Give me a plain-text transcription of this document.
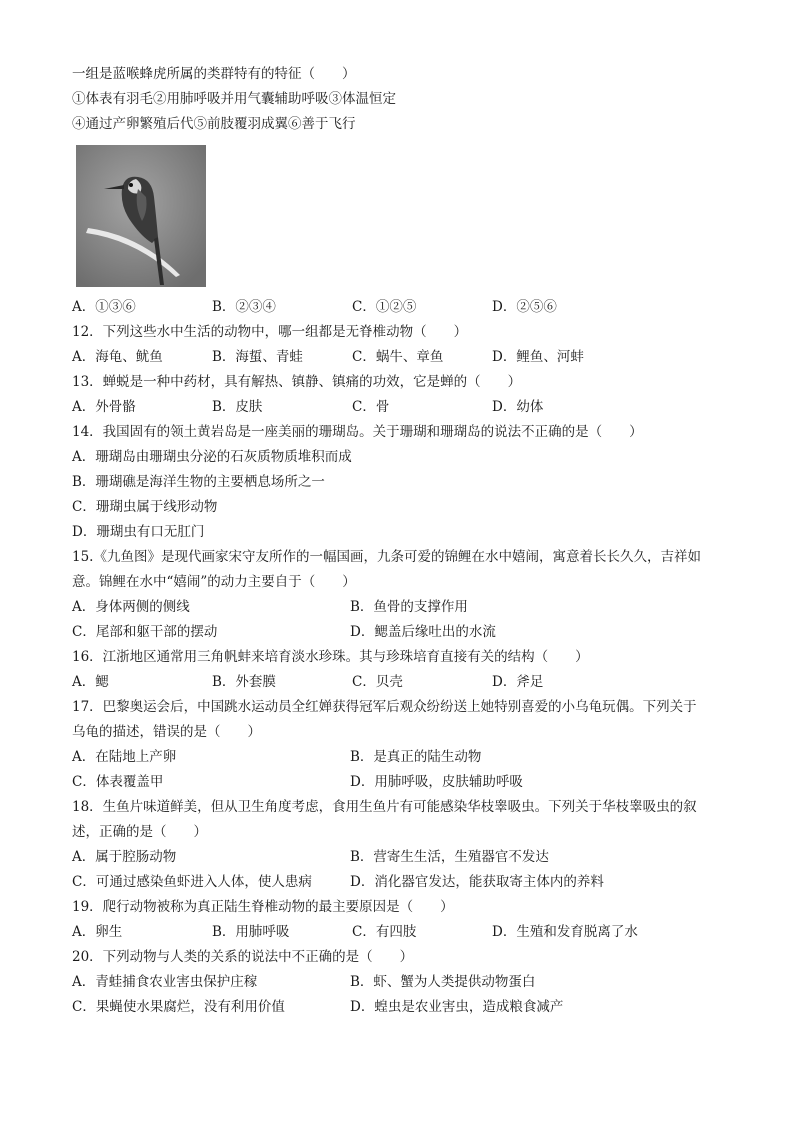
一组是蓝喉蜂虎所属的类群特有的特征（　　）
①体表有羽毛②用肺呼吸并用气囊辅助呼吸③体温恒定
④通过产卵繁殖后代⑤前肢覆羽成翼⑥善于飞行
A．①③⑥	B．②③④	C．①②⑤	D．②⑤⑥
12．下列这些水中生活的动物中，哪一组都是无脊椎动物（　　）
A．海龟、鱿鱼	B．海蜇、青蛙	C．蜗牛、章鱼	D．鲤鱼、河蚌
13．蝉蜕是一种中药材，具有解热、镇静、镇痛的功效，它是蝉的（　　）
A．外骨骼	B．皮肤	C．骨	D．幼体
14．我国固有的领土黄岩岛是一座美丽的珊瑚岛。关于珊瑚和珊瑚岛的说法不正确的是（　　）
A．珊瑚岛由珊瑚虫分泌的石灰质物质堆积而成
B．珊瑚礁是海洋生物的主要栖息场所之一
C．珊瑚虫属于线形动物
D．珊瑚虫有口无肛门
15.《九鱼图》是现代画家宋守友所作的一幅国画，九条可爱的锦鲤在水中嬉闹，寓意着长长久久，吉祥如
意。锦鲤在水中“嬉闹”的动力主要自于（　　）
A．身体两侧的侧线	B．鱼骨的支撑作用
C．尾部和躯干部的摆动	D．鳃盖后缘吐出的水流
16．江浙地区通常用三角帆蚌来培育淡水珍珠。其与珍珠培育直接有关的结构（　　）
A．鳃	B．外套膜	C．贝壳	D．斧足
17．巴黎奥运会后，中国跳水运动员全红婵获得冠军后观众纷纷送上她特别喜爱的小乌龟玩偶。下列关于
乌龟的描述，错误的是（　　）
A．在陆地上产卵	B．是真正的陆生动物
C．体表覆盖甲	D．用肺呼吸，皮肤辅助呼吸
18．生鱼片味道鲜美，但从卫生角度考虑，食用生鱼片有可能感染华枝睾吸虫。下列关于华枝睾吸虫的叙
述，正确的是（　　）
A．属于腔肠动物	B．营寄生生活，生殖器官不发达
C．可通过感染鱼虾进入人体，使人患病	D．消化器官发达，能获取寄主体内的养料
19．爬行动物被称为真正陆生脊椎动物的最主要原因是（　　）
A．卵生	B．用肺呼吸	C．有四肢	D．生殖和发育脱离了水
20．下列动物与人类的关系的说法中不正确的是（　　）
A．青蛙捕食农业害虫保护庄稼	B．虾、蟹为人类提供动物蛋白
C．果蝇使水果腐烂，没有利用价值	D．蝗虫是农业害虫，造成粮食减产
